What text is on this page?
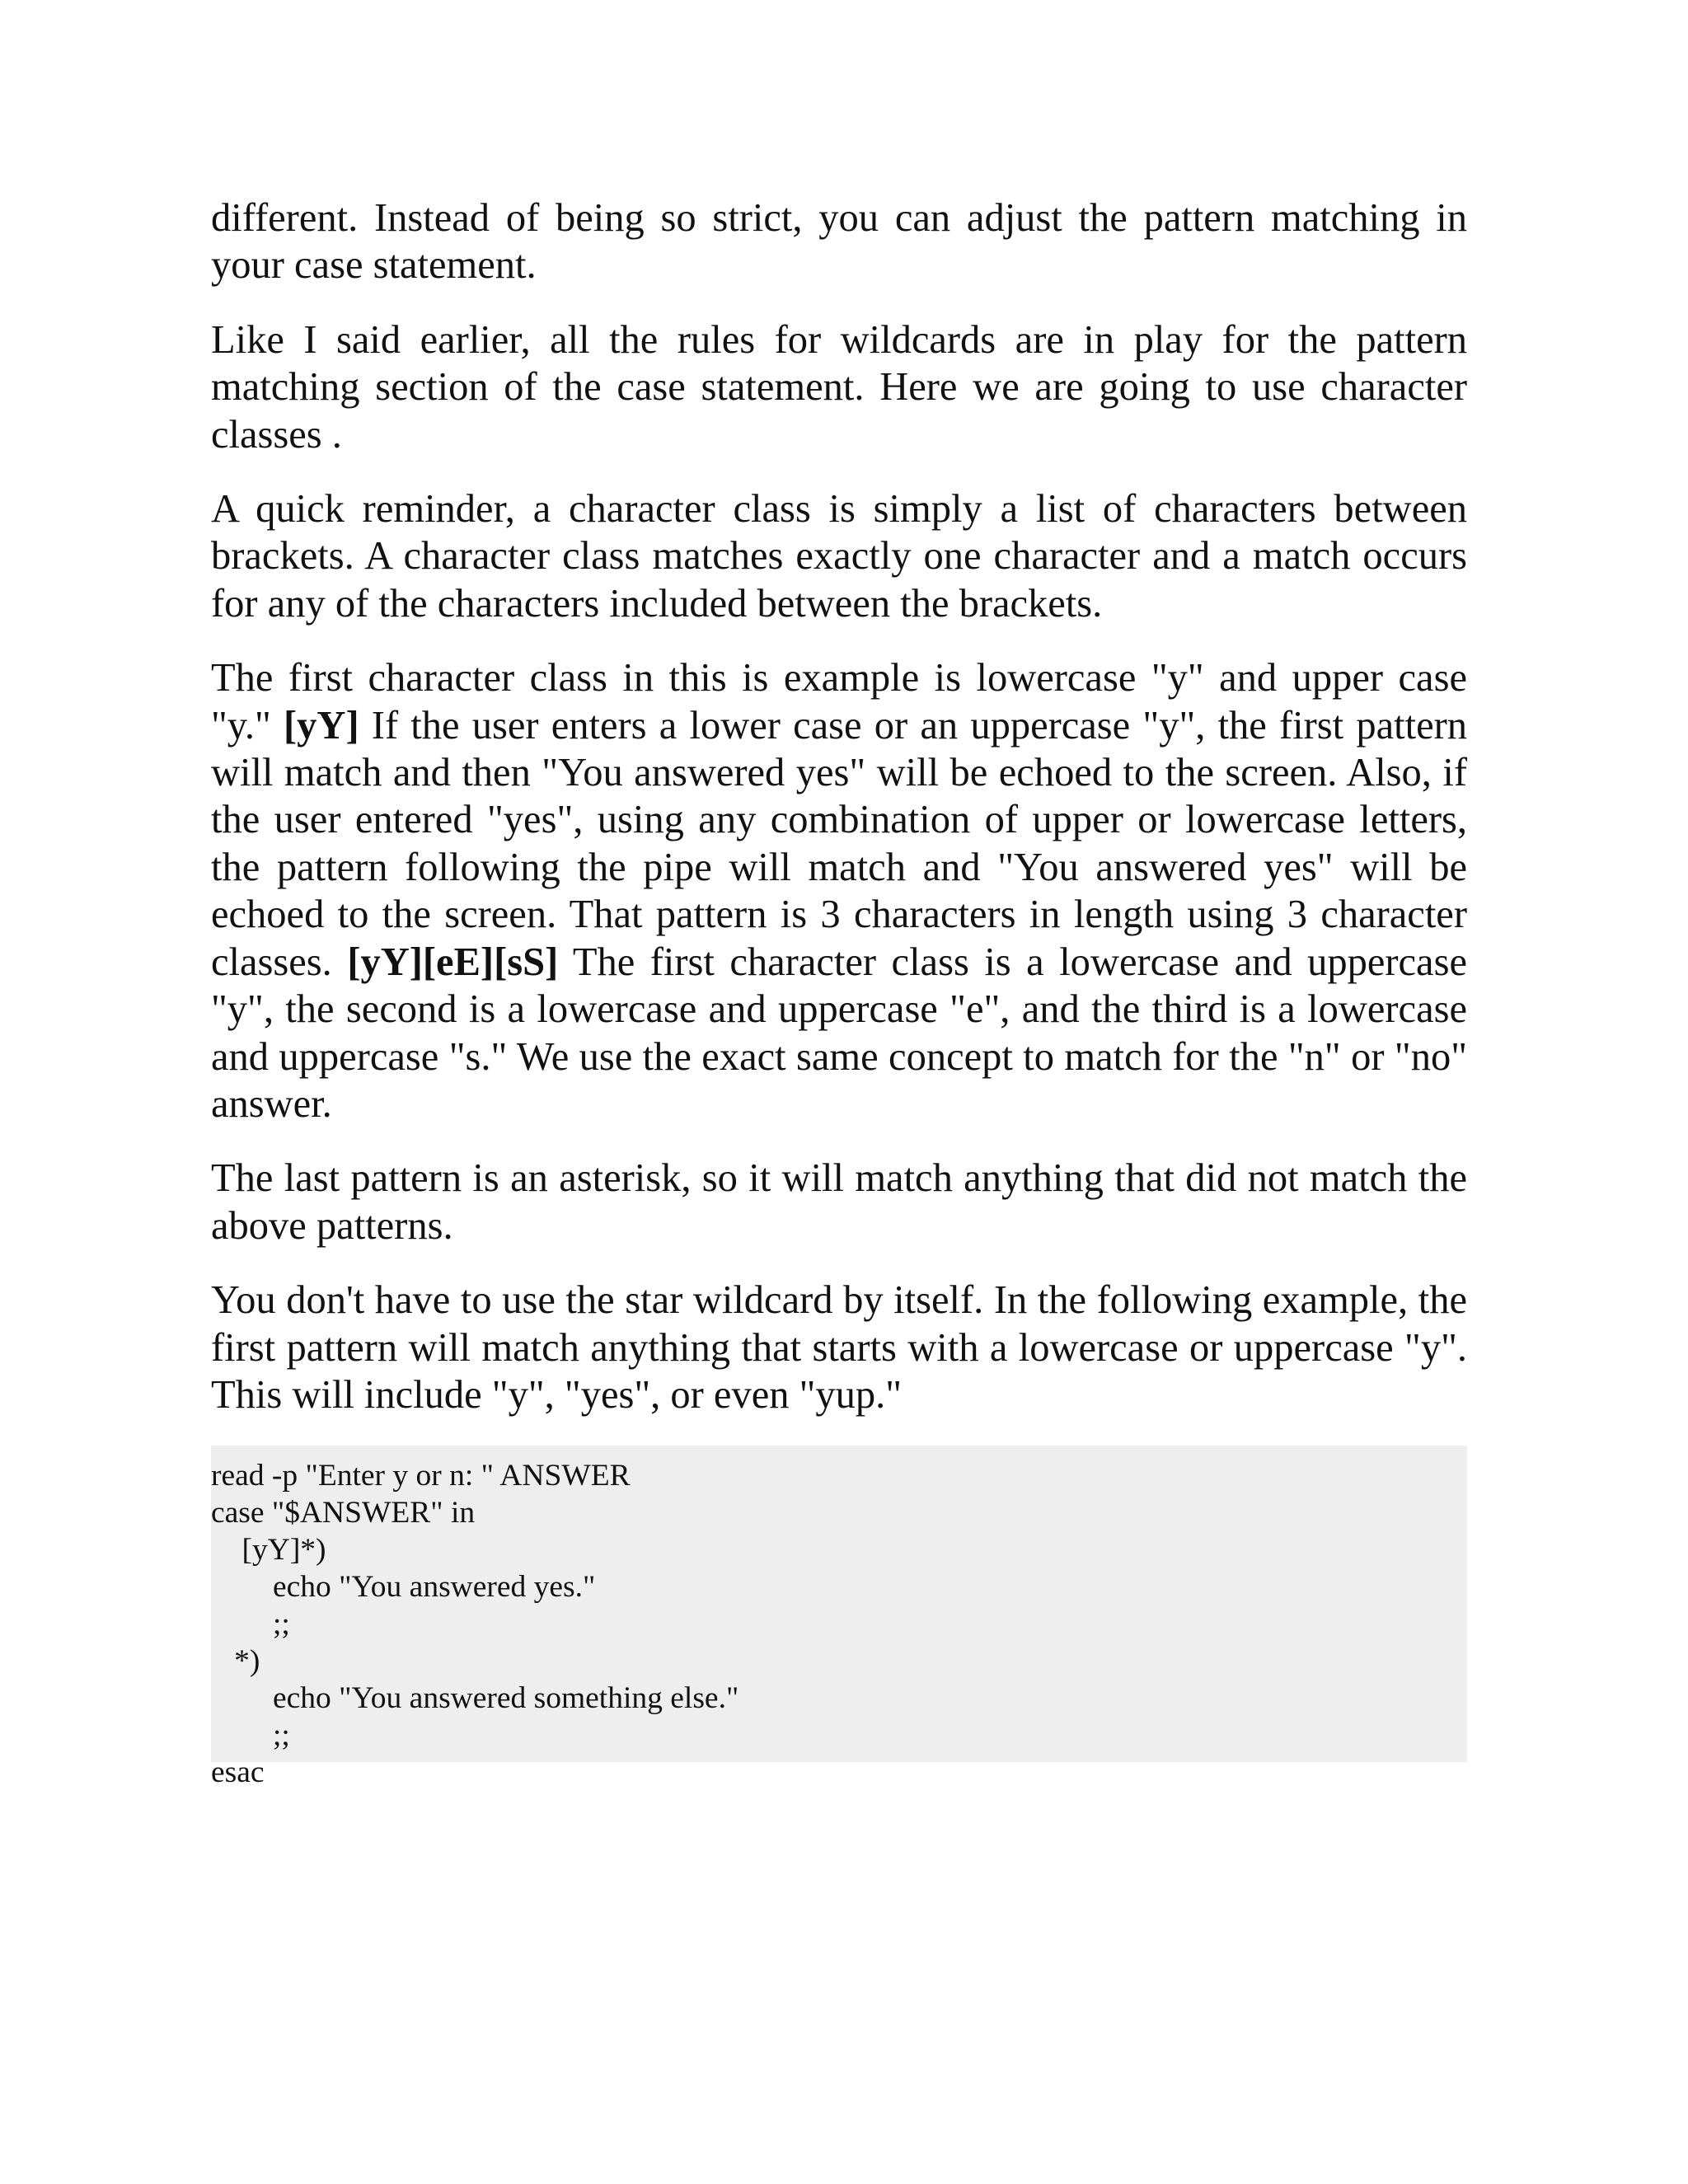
different. Instead of being so strict, you can adjust the pattern matching in your case statement.

Like I said earlier, all the rules for wildcards are in play for the pattern matching section of the case statement. Here we are going to use character classes .

A quick reminder, a character class is simply a list of characters between brackets. A character class matches exactly one character and a match occurs for any of the characters included between the brackets.

The first character class in this is example is lowercase "y" and upper case "y." [yY] If the user enters a lower case or an uppercase "y", the first pattern will match and then "You answered yes" will be echoed to the screen. Also, if the user entered "yes", using any combination of upper or lowercase letters, the pattern following the pipe will match and "You answered yes" will be echoed to the screen. That pattern is 3 characters in length using 3 character classes. [yY][eE][sS] The first character class is a lowercase and uppercase "y", the second is a lowercase and uppercase "e", and the third is a lowercase and uppercase "s." We use the exact same concept to match for the "n" or "no" answer.

The last pattern is an asterisk, so it will match anything that did not match the above patterns.

You don't have to use the star wildcard by itself. In the following example, the first pattern will match anything that starts with a lowercase or uppercase "y". This will include "y", "yes", or even "yup."

read -p "Enter y or n: " ANSWER
case "$ANSWER" in
[yY]*)
echo "You answered yes."
;;
*)
echo "You answered something else."
;;
esac
